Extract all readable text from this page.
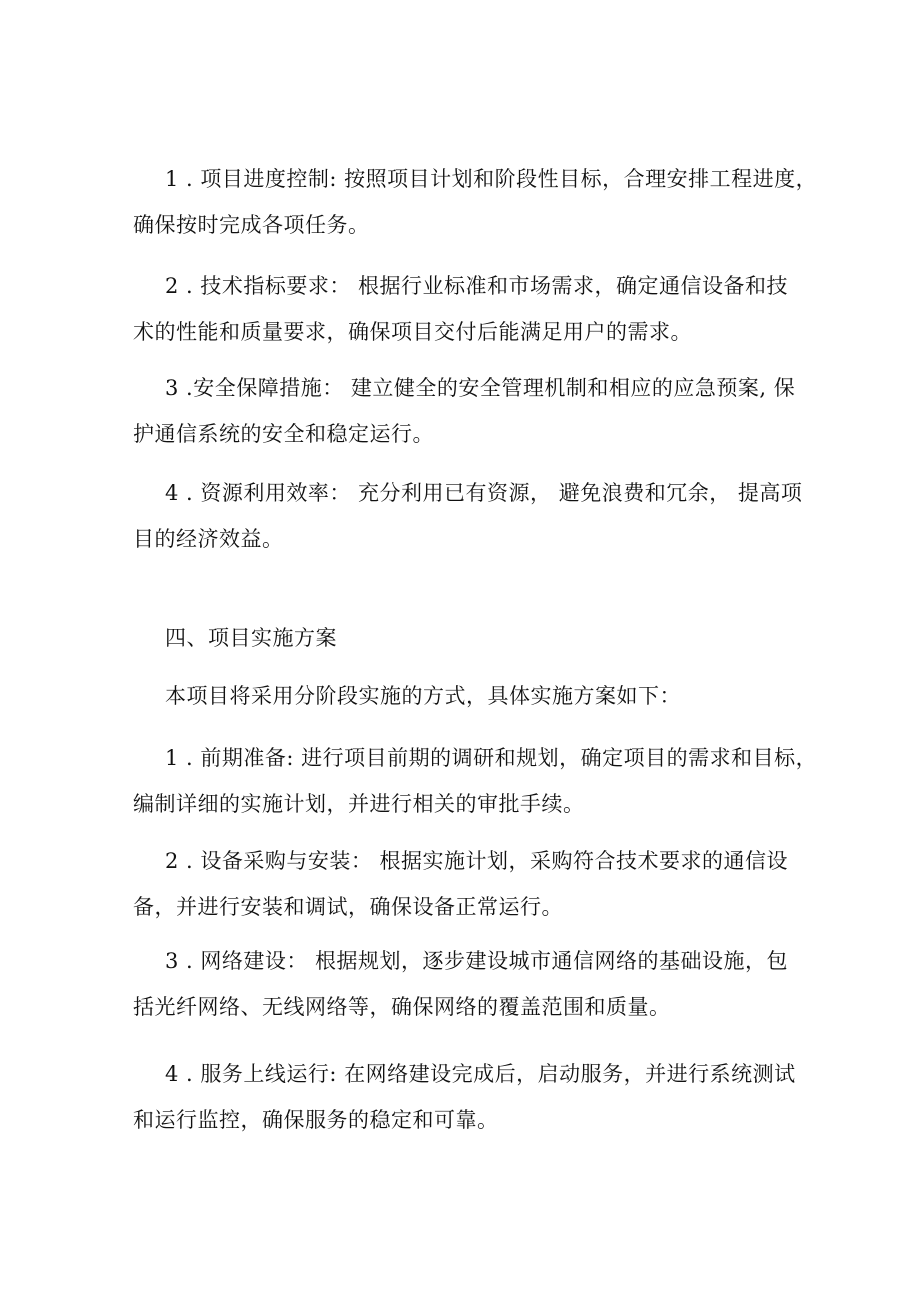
1 . 项目进度控制: 按照项目计划和阶段性目标，合理安排工程进度，
确保按时完成各项任务。

2 . 技术指标要求： 根据行业标准和市场需求，确定通信设备和技
术的性能和质量要求，确保项目交付后能满足用户的需求。

3 .安全保障措施： 建立健全的安全管理机制和相应的应急预案, 保
护通信系统的安全和稳定运行。

4 . 资源利用效率： 充分利用已有资源， 避免浪费和冗余， 提高项
目的经济效益。

四、项目实施方案

本项目将采用分阶段实施的方式，具体实施方案如下：

1 . 前期准备: 进行项目前期的调研和规划，确定项目的需求和目标，
编制详细的实施计划，并进行相关的审批手续。

2 . 设备采购与安装： 根据实施计划，采购符合技术要求的通信设
备，并进行安装和调试，确保设备正常运行。

3 . 网络建设： 根据规划，逐步建设城市通信网络的基础设施，包
括光纤网络、无线网络等，确保网络的覆盖范围和质量。

4 . 服务上线运行: 在网络建设完成后，启动服务，并进行系统测试
和运行监控，确保服务的稳定和可靠。
